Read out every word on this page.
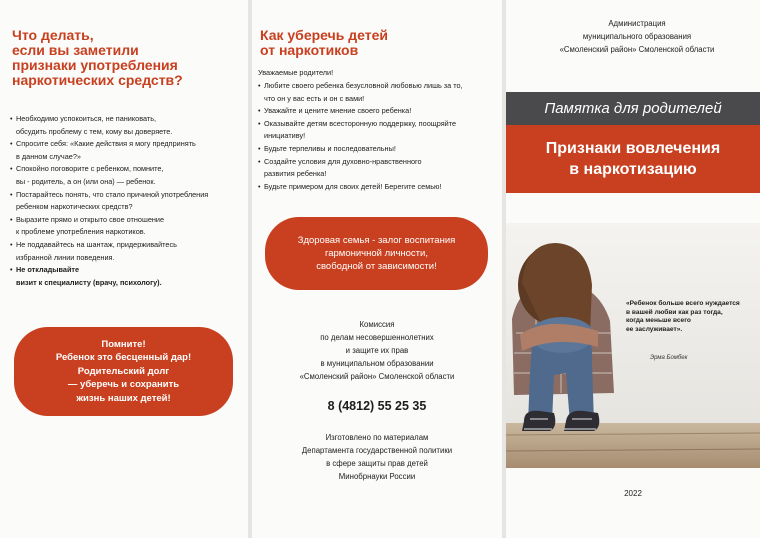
Что делать,
если вы заметили
признаки употребления
наркотических средств?
• Необходимо успокоиться, не паниковать,
обсудить проблему с тем, кому вы доверяете.
• Спросите себя: «Какие действия я могу предпринять
в данном случае?»
• Спокойно поговорите с ребенком, помните,
вы - родитель, а он (или она) — ребенок.
• Постарайтесь понять, что стало причиной употребления
ребенком наркотических средств?
• Выразите прямо и открыто свое отношение
к проблеме употребления наркотиков.
• Не поддавайтесь на шантаж, придерживайтесь
избранной линии поведения.
• Не откладывайте
визит к специалисту (врачу, психологу).
Помните!
Ребенок это бесценный дар!
Родительский долг
— уберечь и сохранить
жизнь наших детей!
Как уберечь детей
от наркотиков
Уважаемые родители!
• Любите своего ребенка безусловной любовью лишь за то,
что он у вас есть и он с вами!
• Уважайте и цените мнение своего ребенка!
• Оказывайте детям всесторонную поддержку, поощряйте
инициативу!
• Будьте терпеливы и последовательны!
• Создайте условия для духовно-нравственного
развития ребенка!
• Будьте примером для своих детей! Берегите семью!
Здоровая семья - залог воспитания
гармоничной личности,
свободной от зависимости!
Комиссия
по делам несовершеннолетних
и защите их прав
в муниципальном образовании
«Смоленский район» Смоленской области
8 (4812) 55 25 35
Изготовлено по материалам
Департамента государственной политики
в сфере защиты прав детей
Минобрнауки России
Администрация
муниципального образования
«Смоленский район» Смоленской области
Памятка для родителей
Признаки вовлечения
в наркотизацию
«Ребенок больше всего нуждается
в вашей любви как раз тогда,
когда меньше всего
ее заслуживает».
Эрма Бомбек
2022
